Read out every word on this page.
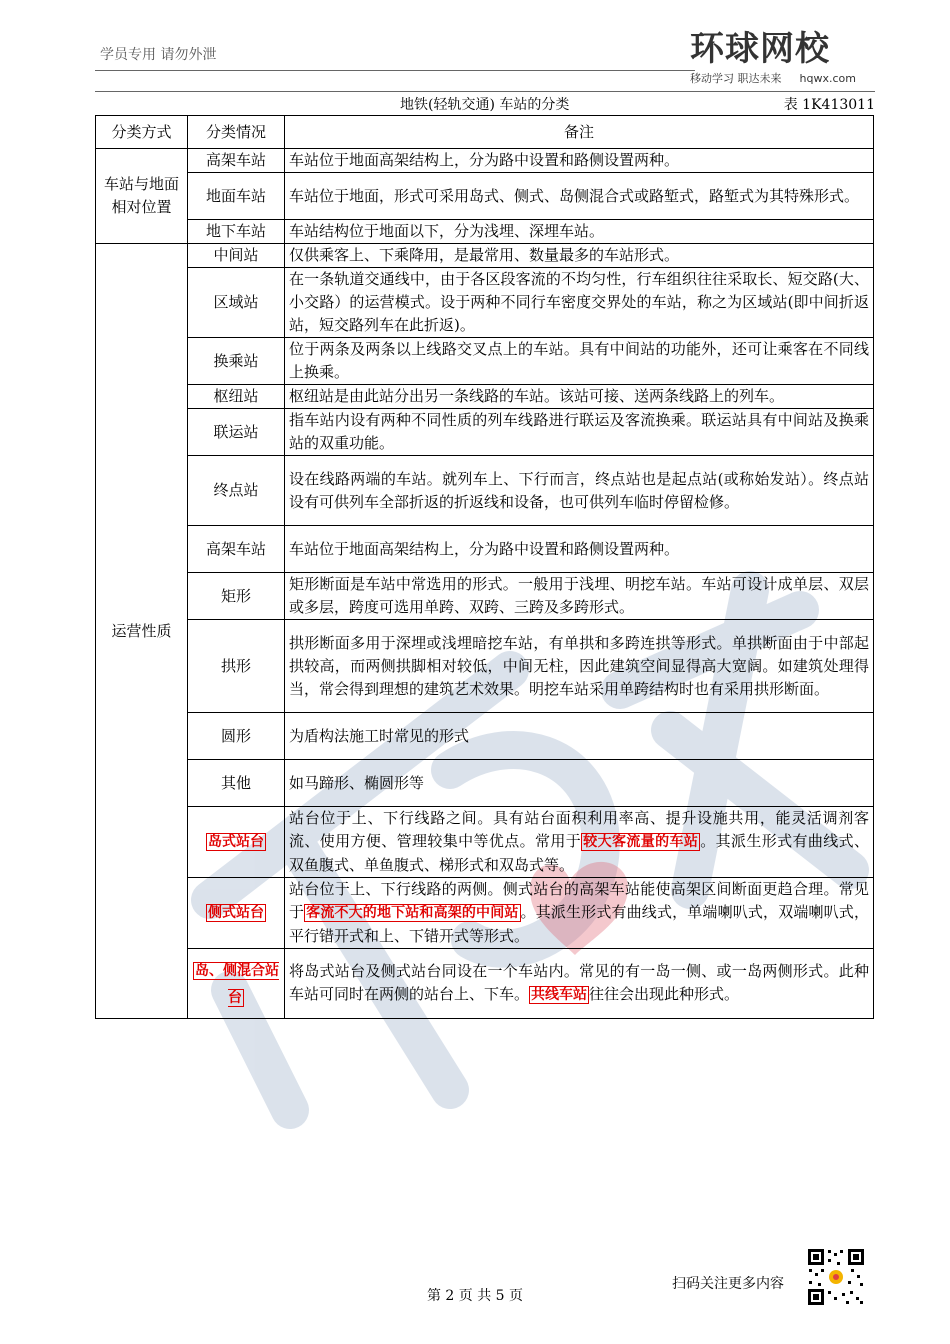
学员专用 请勿外泄	环球网校
移动学习 职达未来 hqwx.com
地铁(轻轨交通) 车站的分类	表 1K413011
分类方式	分类情况	备注
车站与地面相对位置	高架车站	车站位于地面高架结构上，分为路中设置和路侧设置两种。
	地面车站	车站位于地面，形式可采用岛式、侧式、岛侧混合式或路堑式，路堑式为其特殊形式。
	地下车站	车站结构位于地面以下，分为浅埋、深埋车站。
运营性质	中间站	仅供乘客上、下乘降用，是最常用、数量最多的车站形式。
	区域站	在一条轨道交通线中，由于各区段客流的不均匀性，行车组织往往采取长、短交路(大、小交路）的运营模式。设于两种不同行车密度交界处的车站，称之为区域站(即中间折返站，短交路列车在此折返)。
	换乘站	位于两条及两条以上线路交叉点上的车站。具有中间站的功能外，还可让乘客在不同线上换乘。
	枢纽站	枢纽站是由此站分出另一条线路的车站。该站可接、送两条线路上的列车。
	联运站	指车站内设有两种不同性质的列车线路进行联运及客流换乘。联运站具有中间站及换乘站的双重功能。
	终点站	设在线路两端的车站。就列车上、下行而言，终点站也是起点站(或称始发站）。终点站设有可供列车全部折返的折返线和设备，也可供列车临时停留检修。
	高架车站	车站位于地面高架结构上，分为路中设置和路侧设置两种。
	矩形	矩形断面是车站中常选用的形式。一般用于浅埋、明挖车站。车站可设计成单层、双层或多层，跨度可选用单跨、双跨、三跨及多跨形式。
	拱形	拱形断面多用于深埋或浅埋暗挖车站，有单拱和多跨连拱等形式。单拱断面由于中部起拱较高，而两侧拱脚相对较低，中间无柱，因此建筑空间显得高大宽阔。如建筑处理得当，常会得到理想的建筑艺术效果。明挖车站采用单跨结构时也有采用拱形断面。
	圆形	为盾构法施工时常见的形式
	其他	如马蹄形、椭圆形等
	岛式站台	站台位于上、下行线路之间。具有站台面积利用率高、提升设施共用，能灵活调剂客流、使用方便、管理较集中等优点。常用于 较大客流量的车站 。其派生形式有曲线式、双鱼腹式、单鱼腹式、梯形式和双岛式等。
	侧式站台	站台位于上、下行线路的两侧。侧式站台的高架车站能使高架区间断面更趋合理。常见于 客流不大的地下站和高架的中间站 。其派生形式有曲线式，单端喇叭式，双端喇叭式，平行错开式和上、下错开式等形式。
	岛、侧混合站台	将岛式站台及侧式站台同设在一个车站内。常见的有一岛一侧、或一岛两侧形式。此种车站可同时在两侧的站台上、下车。 共线车站 往往会出现此种形式。
第 2 页 共 5 页
扫码关注更多内容
